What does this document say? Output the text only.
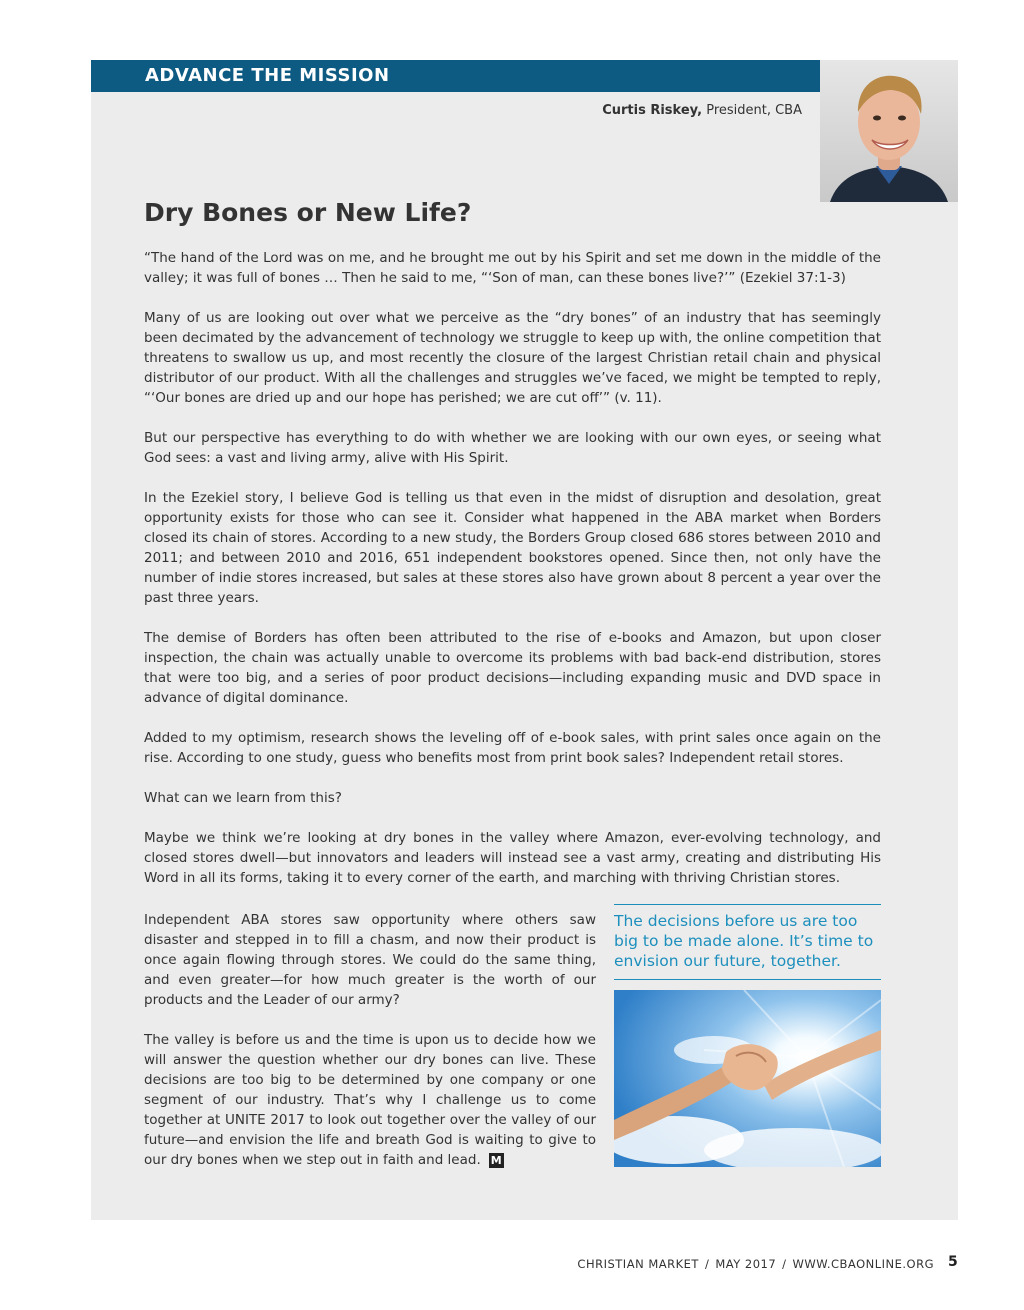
ADVANCE THE MISSION
Curtis Riskey, President, CBA
Dry Bones or New Life?

“The hand of the Lord was on me, and he brought me out by his Spirit and set me down in the middle of the valley; it was full of bones … Then he said to me, “‘Son of man, can these bones live?’” (Ezekiel 37:1-3)

Many of us are looking out over what we perceive as the “dry bones” of an industry that has seemingly been decimated by the advancement of technology we struggle to keep up with, the online competition that threatens to swallow us up, and most recently the closure of the largest Christian retail chain and physical distributor of our product. With all the challenges and struggles we’ve faced, we might be tempted to reply, “‘Our bones are dried up and our hope has perished; we are cut off’” (v. 11).

But our perspective has everything to do with whether we are looking with our own eyes, or seeing what God sees: a vast and living army, alive with His Spirit.

In the Ezekiel story, I believe God is telling us that even in the midst of disruption and desolation, great opportunity exists for those who can see it. Consider what happened in the ABA market when Borders closed its chain of stores. According to a new study, the Borders Group closed 686 stores between 2010 and 2011; and between 2010 and 2016, 651 independent bookstores opened. Since then, not only have the number of indie stores increased, but sales at these stores also have grown about 8 percent a year over the past three years.

The demise of Borders has often been attributed to the rise of e-books and Amazon, but upon closer inspection, the chain was actually unable to overcome its problems with bad back-end distribution, stores that were too big, and a series of poor product decisions—including expanding music and DVD space in advance of digital dominance.

Added to my optimism, research shows the leveling off of e-book sales, with print sales once again on the rise. According to one study, guess who benefits most from print book sales? Independent retail stores.

What can we learn from this?

Maybe we think we’re looking at dry bones in the valley where Amazon, ever-evolving technology, and closed stores dwell—but innovators and leaders will instead see a vast army, creating and distributing His Word in all its forms, taking it to every corner of the earth, and marching with thriving Christian stores.

Independent ABA stores saw opportunity where others saw disaster and stepped in to fill a chasm, and now their product is once again flowing through stores. We could do the same thing, and even greater—for how much greater is the worth of our products and the Leader of our army?

The valley is before us and the time is upon us to decide how we will answer the question whether our dry bones can live. These decisions are too big to be determined by one company or one segment of our industry. That’s why I challenge us to come together at UNITE 2017 to look out together over the valley of our future—and envision the life and breath God is waiting to give to our dry bones when we step out in faith and lead. M

The decisions before us are too big to be made alone. It’s time to envision our future, together.
CHRISTIAN MARKET / MAY 2017 / WWW.CBAONLINE.ORG 5
